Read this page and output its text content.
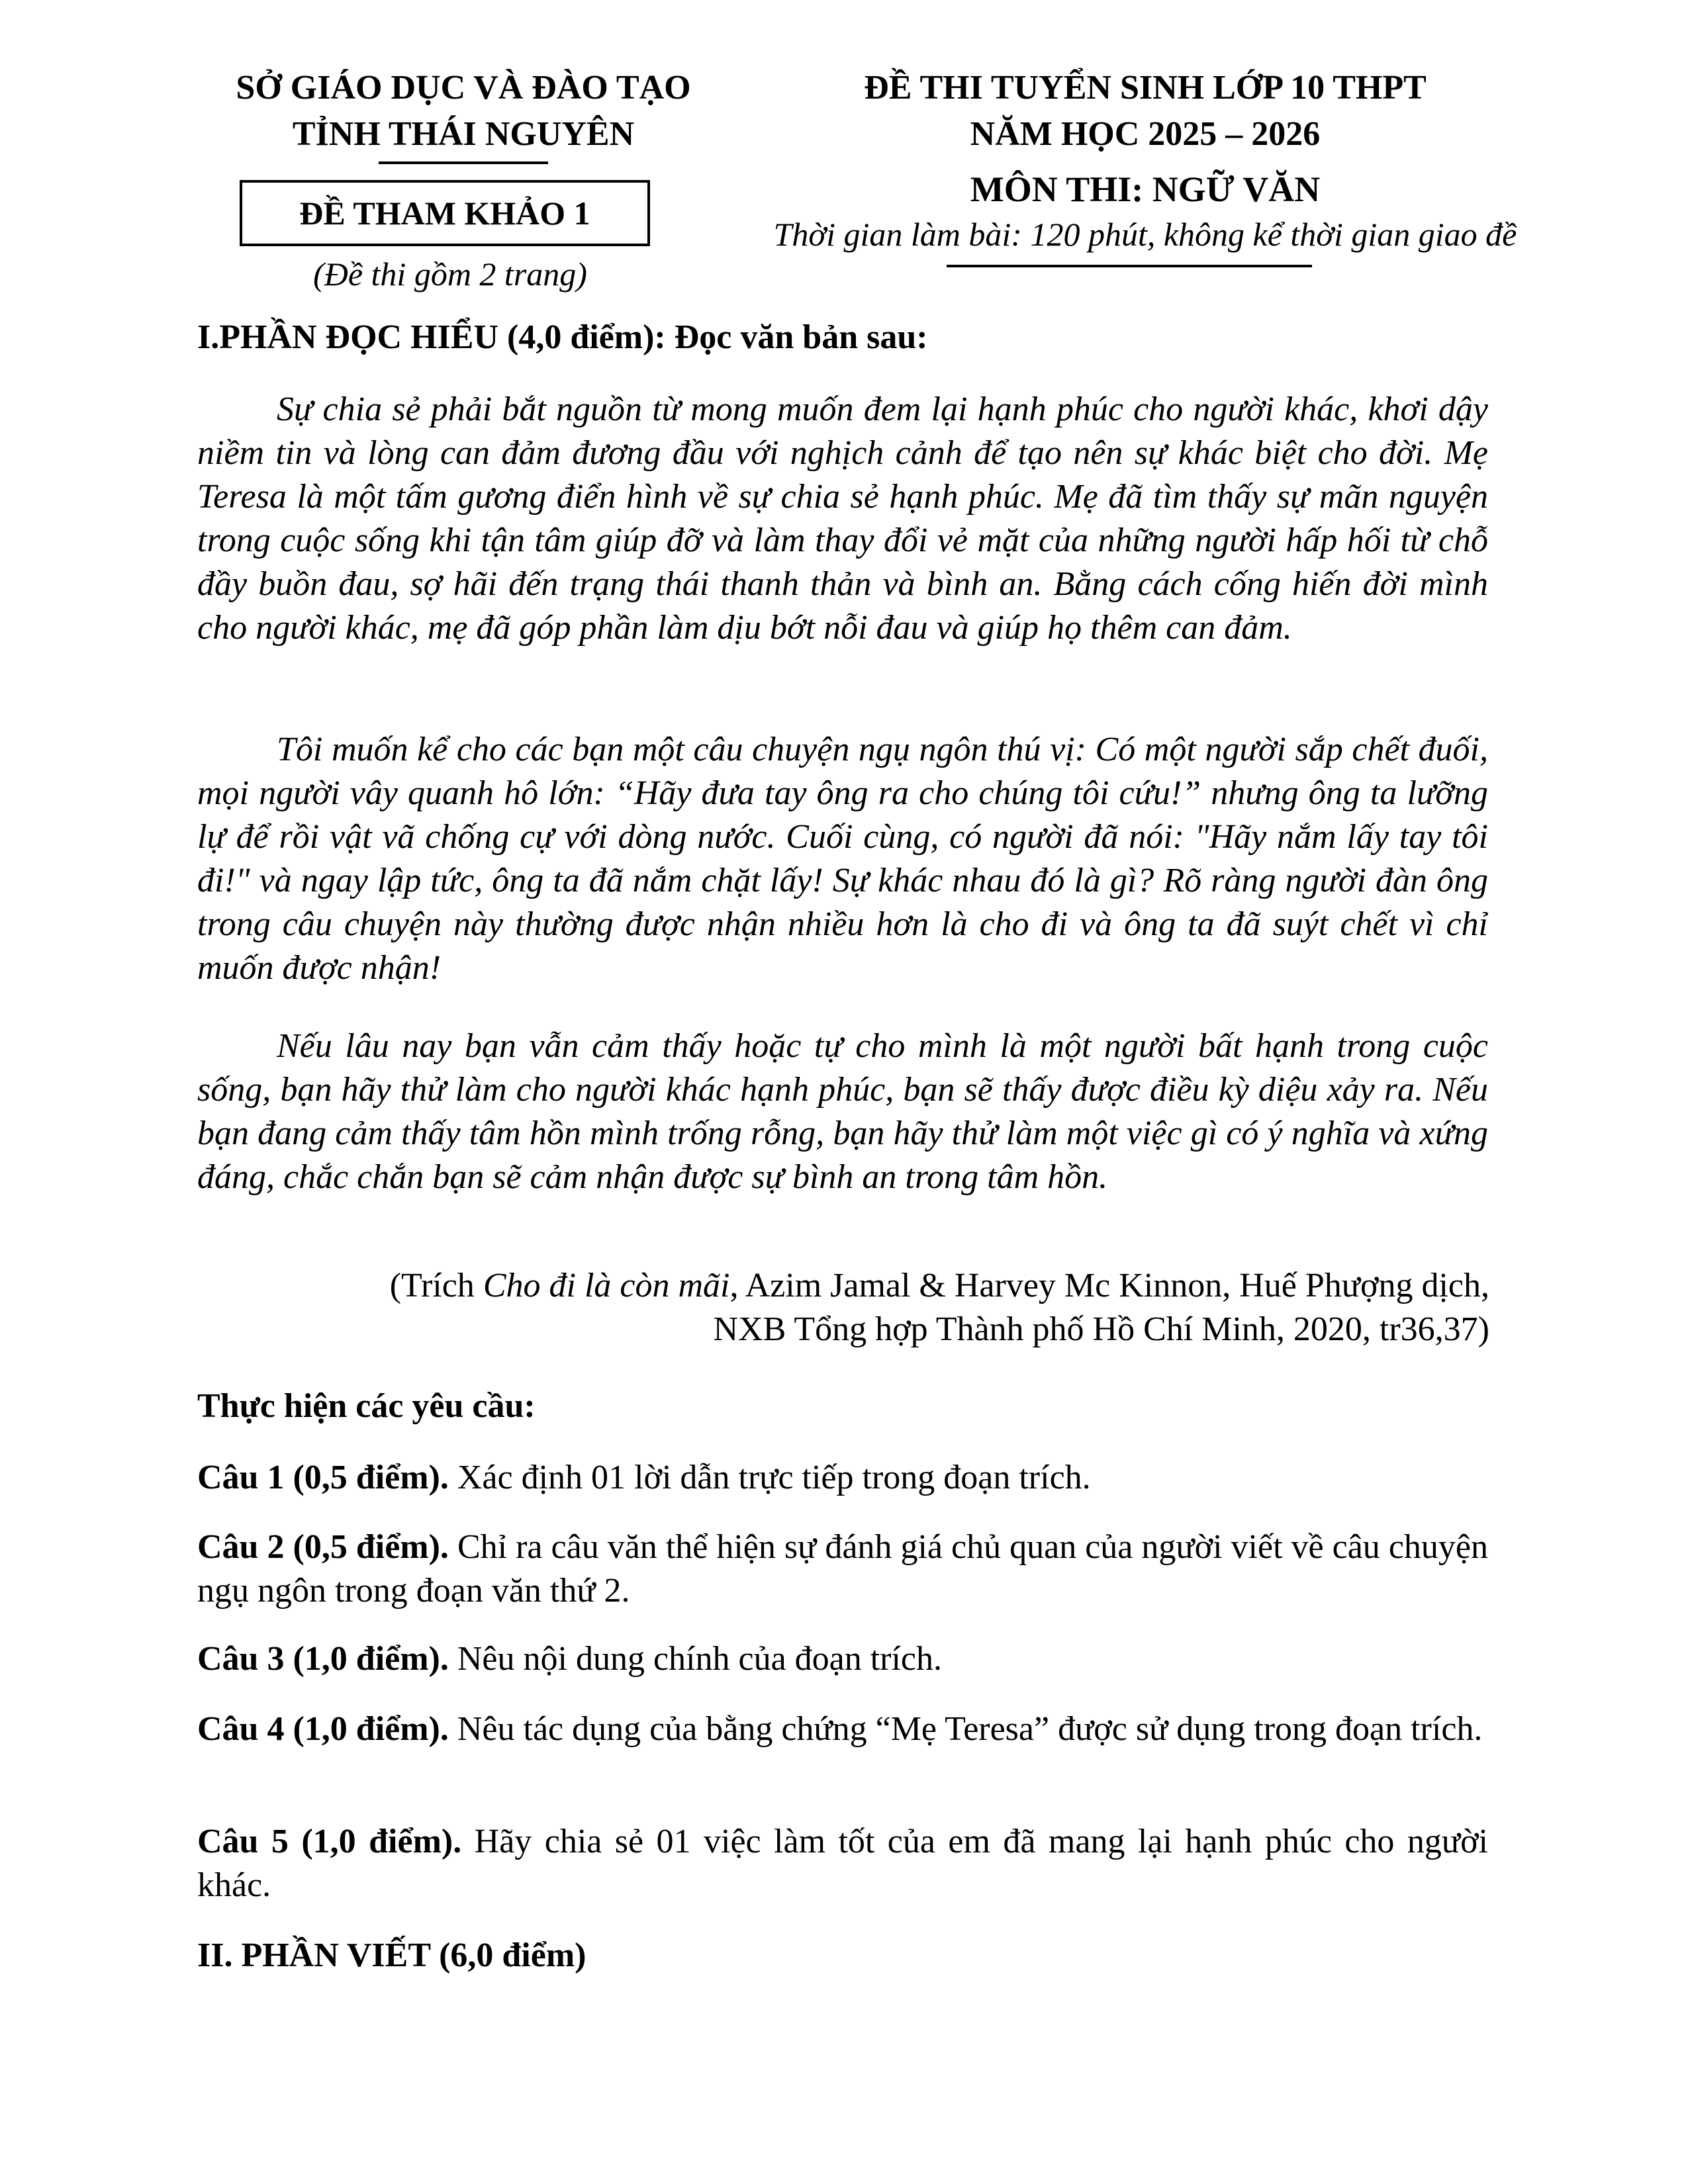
SỞ GIÁO DỤC VÀ ĐÀO TẠO
TỈNH THÁI NGUYÊN
ĐỀ THI TUYỂN SINH LỚP 10 THPT
NĂM HỌC 2025 – 2026
ĐỀ THAM KHẢO 1
(Đề thi gồm 2 trang)
MÔN THI: NGỮ VĂN
Thời gian làm bài: 120 phút, không kể thời gian giao đề
I.PHẦN ĐỌC HIỂU (4,0 điểm): Đọc văn bản sau:

Sự chia sẻ phải bắt nguồn từ mong muốn đem lại hạnh phúc cho người khác, khơi dậy niềm tin và lòng can đảm đương đầu với nghịch cảnh để tạo nên sự khác biệt cho đời. Mẹ Teresa là một tấm gương điển hình về sự chia sẻ hạnh phúc. Mẹ đã tìm thấy sự mãn nguyện trong cuộc sống khi tận tâm giúp đỡ và làm thay đổi vẻ mặt của những người hấp hối từ chỗ đầy buồn đau, sợ hãi đến trạng thái thanh thản và bình an. Bằng cách cống hiến đời mình cho người khác, mẹ đã góp phần làm dịu bớt nỗi đau và giúp họ thêm can đảm.

Tôi muốn kể cho các bạn một câu chuyện ngụ ngôn thú vị: Có một người sắp chết đuối, mọi người vây quanh hô lớn: “Hãy đưa tay ông ra cho chúng tôi cứu!” nhưng ông ta lưỡng lự để rồi vật vã chống cự với dòng nước. Cuối cùng, có người đã nói: "Hãy nắm lấy tay tôi đi!" và ngay lập tức, ông ta đã nắm chặt lấy! Sự khác nhau đó là gì? Rõ ràng người đàn ông trong câu chuyện này thường được nhận nhiều hơn là cho đi và ông ta đã suýt chết vì chỉ muốn được nhận!

Nếu lâu nay bạn vẫn cảm thấy hoặc tự cho mình là một người bất hạnh trong cuộc sống, bạn hãy thử làm cho người khác hạnh phúc, bạn sẽ thấy được điều kỳ diệu xảy ra. Nếu bạn đang cảm thấy tâm hồn mình trống rỗng, bạn hãy thử làm một việc gì có ý nghĩa và xứng đáng, chắc chắn bạn sẽ cảm nhận được sự bình an trong tâm hồn.

(Trích Cho đi là còn mãi, Azim Jamal & Harvey Mc Kinnon, Huế Phượng dịch,
NXB Tổng hợp Thành phố Hồ Chí Minh, 2020, tr36,37)
Thực hiện các yêu cầu:

Câu 1 (0,5 điểm). Xác định 01 lời dẫn trực tiếp trong đoạn trích.

Câu 2 (0,5 điểm). Chỉ ra câu văn thể hiện sự đánh giá chủ quan của người viết về câu chuyện ngụ ngôn trong đoạn văn thứ 2.

Câu 3 (1,0 điểm). Nêu nội dung chính của đoạn trích.

Câu 4 (1,0 điểm). Nêu tác dụng của bằng chứng “Mẹ Teresa” được sử dụng trong đoạn trích.

Câu 5 (1,0 điểm). Hãy chia sẻ 01 việc làm tốt của em đã mang lại hạnh phúc cho người khác.

II. PHẦN VIẾT (6,0 điểm)
